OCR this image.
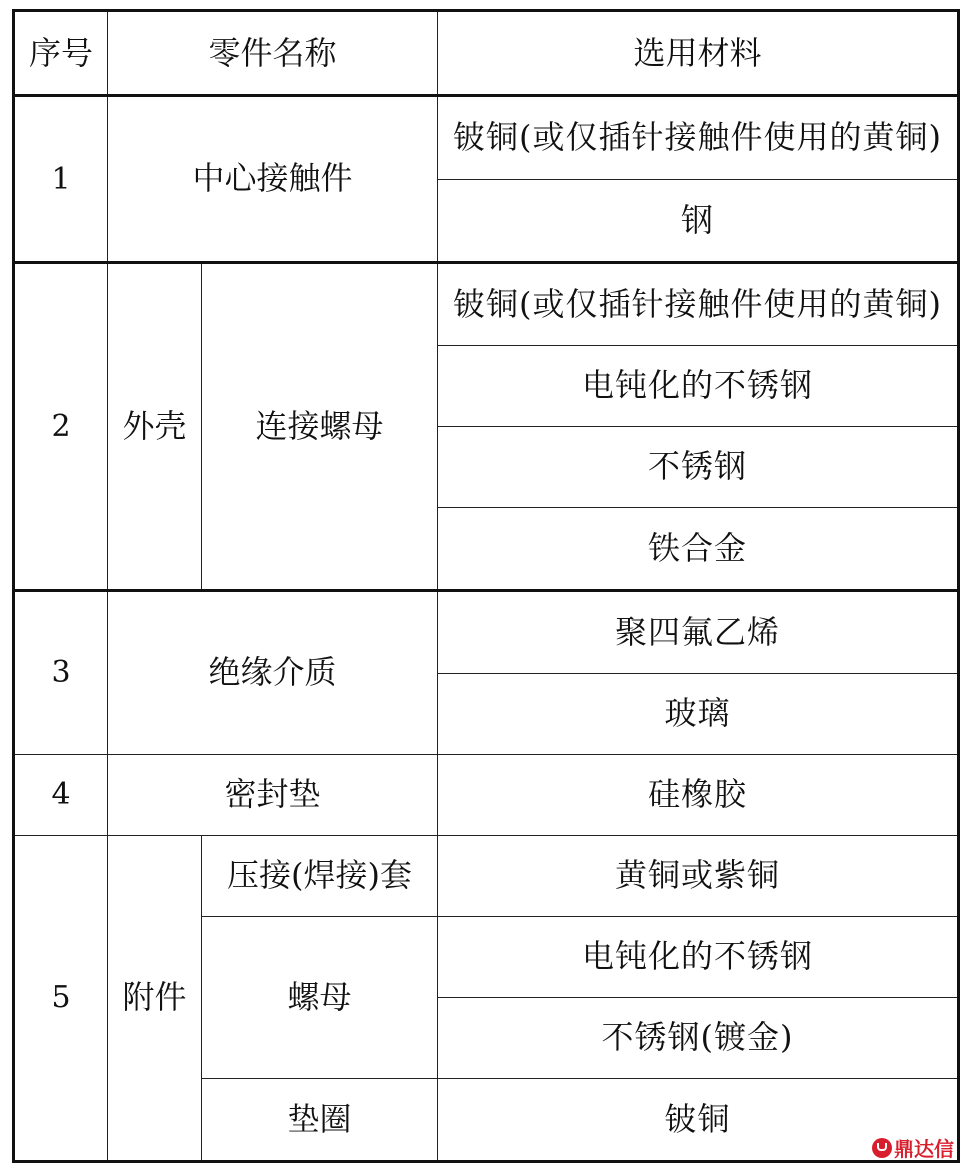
序号	零件名称		选用材料
1	中心接触件		铍铜(或仅插针接触件使用的黄铜)
			钢
2	外壳	连接螺母	铍铜(或仅插针接触件使用的黄铜)
			电钝化的不锈钢
			不锈钢
			铁合金
3	绝缘介质		聚四氟乙烯
			玻璃
4	密封垫		硅橡胶
5	附件	压接(焊接)套	黄铜或紫铜
		螺母	电钝化的不锈钢
			不锈钢(镀金)
		垫圈	铍铜
鼎达信
